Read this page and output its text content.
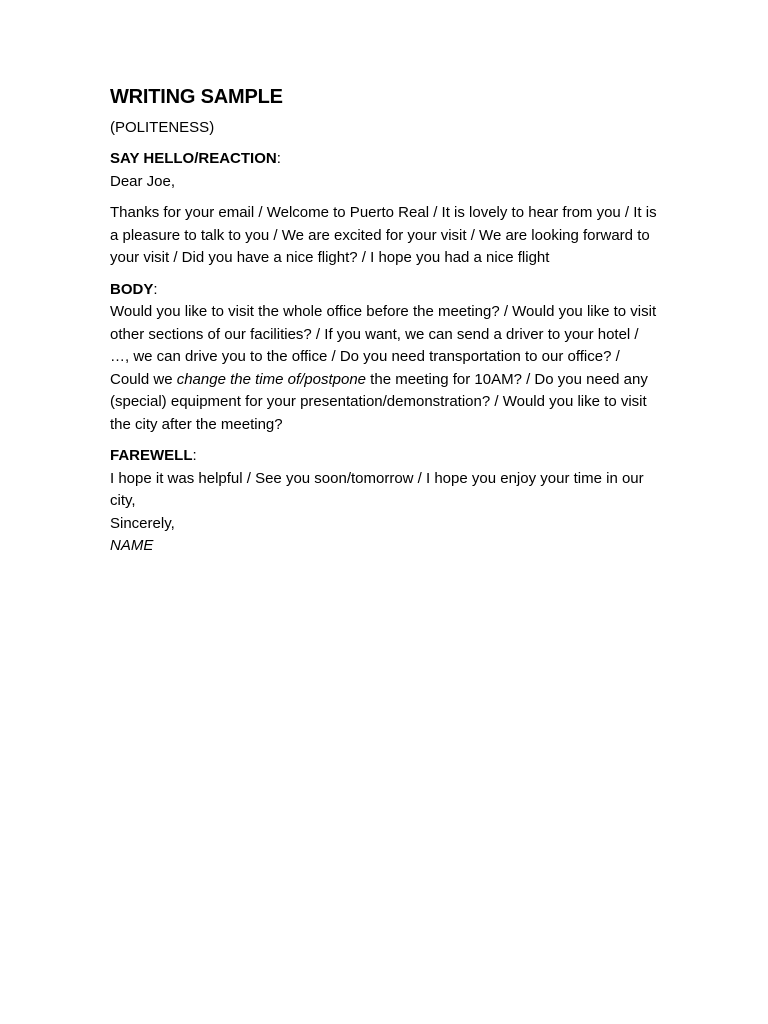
WRITING SAMPLE
(POLITENESS)
SAY HELLO/REACTION:
Dear Joe,

Thanks for your email / Welcome to Puerto Real / It is lovely to hear from you / It is a pleasure to talk to you / We are excited for your visit / We are looking forward to your visit / Did you have a nice flight? / I hope you had a nice flight

BODY:
Would you like to visit the whole office before the meeting? / Would you like to visit other sections of our facilities? / If you want, we can send a driver to your hotel / …, we can drive you to the office / Do you need transportation to our office? / Could we change the time of/postpone the meeting for 10AM? / Do you need any (special) equipment for your presentation/demonstration? / Would you like to visit the city after the meeting?
FAREWELL:
I hope it was helpful / See you soon/tomorrow / I hope you enjoy your time in our city,
Sincerely,
NAME
